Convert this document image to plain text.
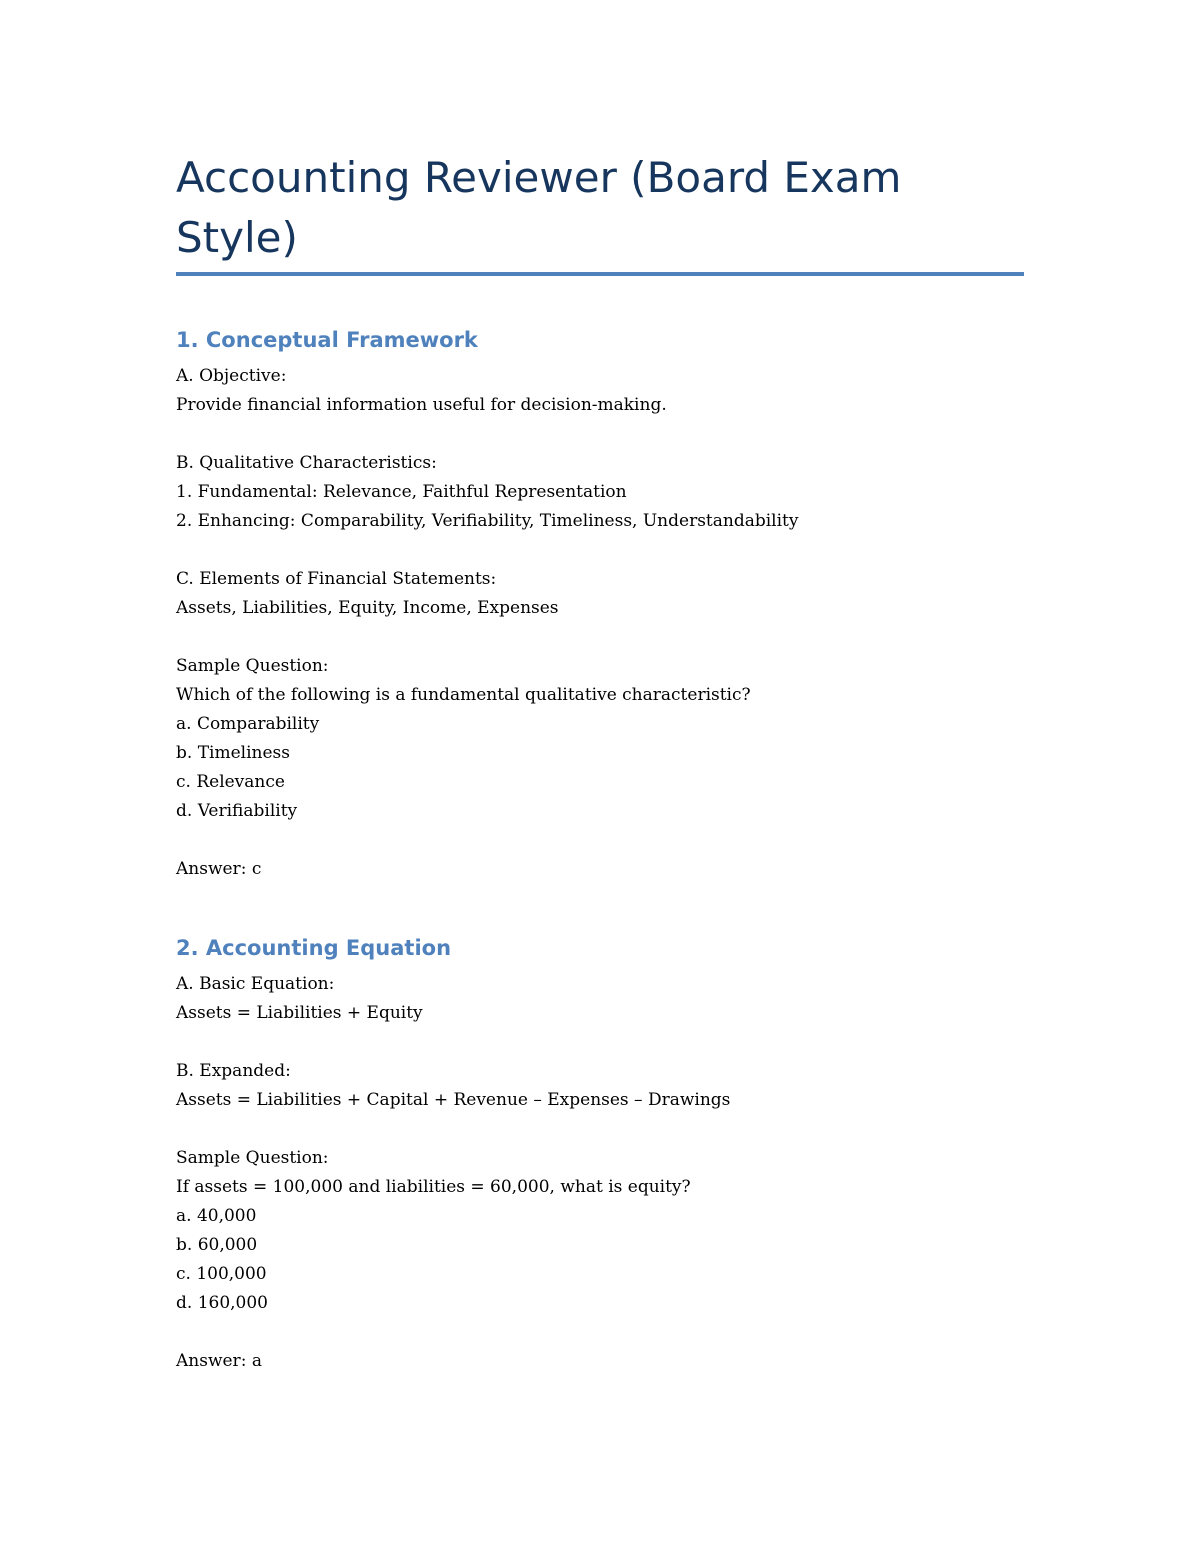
Accounting Reviewer (Board Exam Style)
1. Conceptual Framework

A. Objective:

Provide financial information useful for decision-making.

B. Qualitative Characteristics:

1. Fundamental: Relevance, Faithful Representation

2. Enhancing: Comparability, Verifiability, Timeliness, Understandability

C. Elements of Financial Statements:

Assets, Liabilities, Equity, Income, Expenses

Sample Question:

Which of the following is a fundamental qualitative characteristic?

a. Comparability

b. Timeliness

c. Relevance

d. Verifiability

Answer: c

2. Accounting Equation

A. Basic Equation:

Assets = Liabilities + Equity

B. Expanded:

Assets = Liabilities + Capital + Revenue – Expenses – Drawings

Sample Question:

If assets = 100,000 and liabilities = 60,000, what is equity?

a. 40,000

b. 60,000

c. 100,000

d. 160,000

Answer: a
